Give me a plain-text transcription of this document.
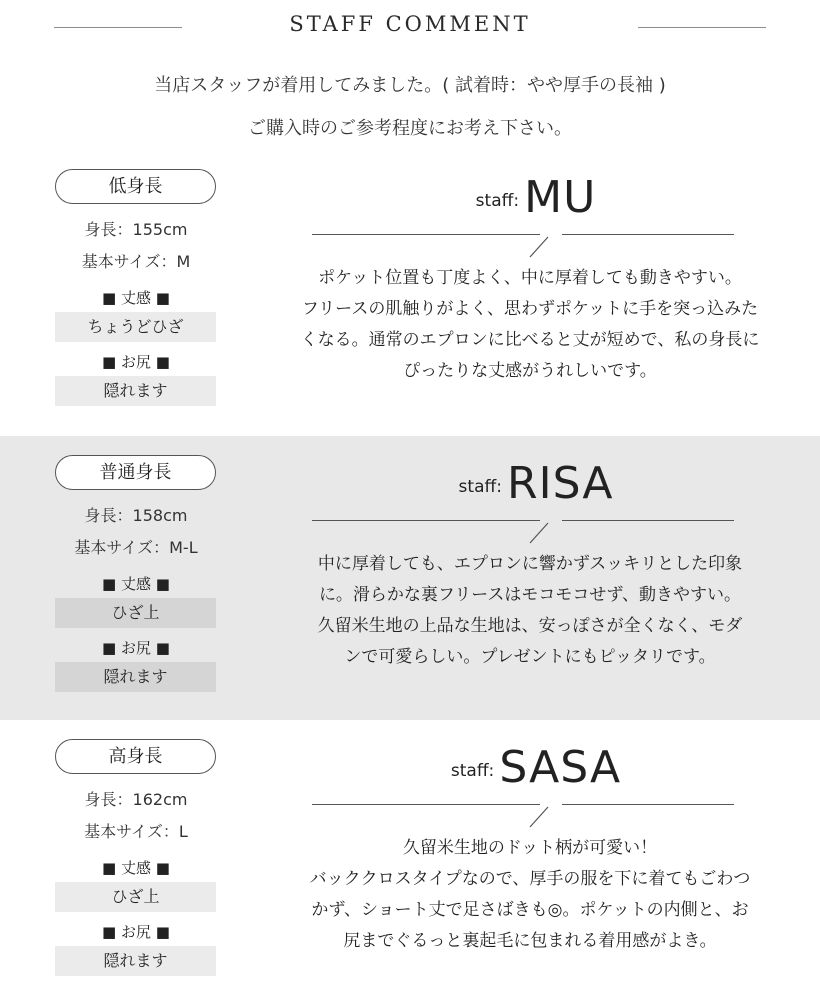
STAFF COMMENT
当店スタッフが着用してみました。( 試着時：やや厚手の長袖 )
ご購入時のご参考程度にお考え下さい。
低身長
身長：155cm
基本サイズ：M
■ 丈感 ■
ちょうどひざ
■ お尻 ■
隠れます
staff: MU
ポケット位置も丁度よく、中に厚着しても動きやすい。
フリースの肌触りがよく、思わずポケットに手を突っ込みた
くなる。通常のエプロンに比べると丈が短めで、私の身長に
ぴったりな丈感がうれしいです。
普通身長
身長：158cm
基本サイズ：M-L
■ 丈感 ■
ひざ上
■ お尻 ■
隠れます
staff: RISA
中に厚着しても、エプロンに響かずスッキリとした印象
に。滑らかな裏フリースはモコモコせず、動きやすい。
久留米生地の上品な生地は、安っぽさが全くなく、モダ
ンで可愛らしい。プレゼントにもピッタリです。
高身長
身長：162cm
基本サイズ：L
■ 丈感 ■
ひざ上
■ お尻 ■
隠れます
staff: SASA
久留米生地のドット柄が可愛い！
バッククロスタイプなので、厚手の服を下に着てもごわつ
かず、ショート丈で足さばきも◎。ポケットの内側と、お
尻までぐるっと裏起毛に包まれる着用感がよき。
